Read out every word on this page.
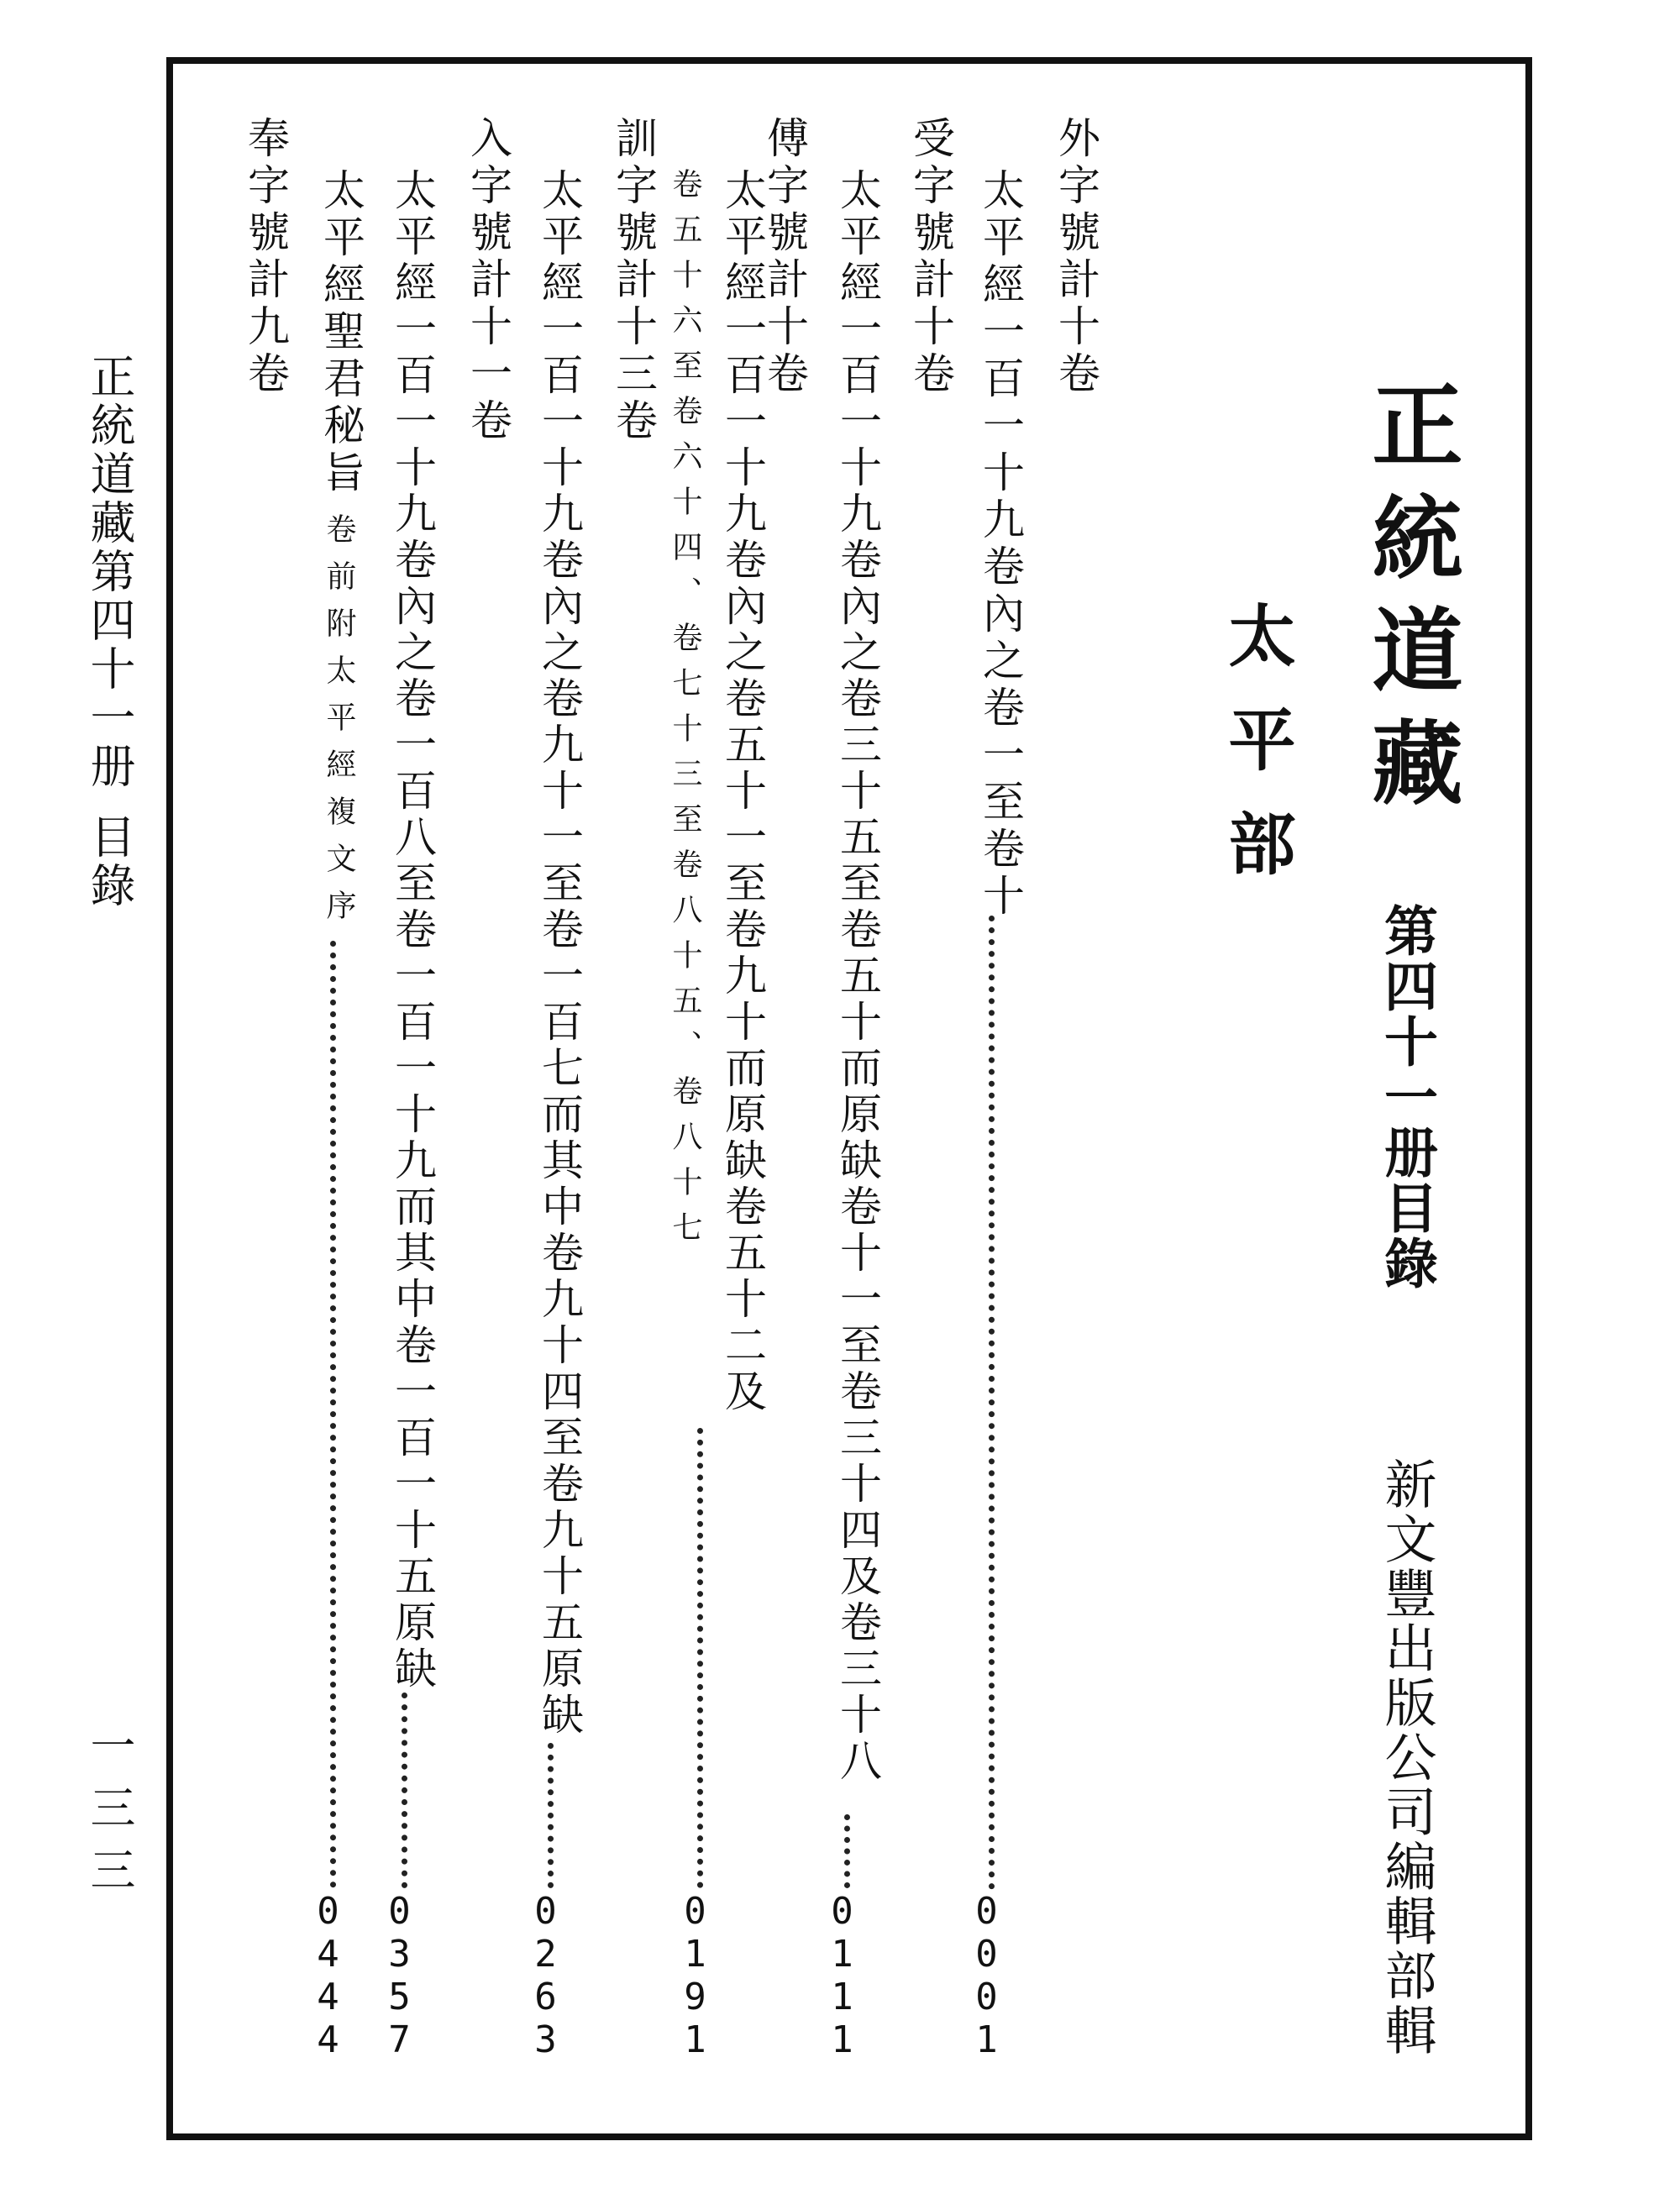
正統道藏第四十一册
目錄
一三三
正統道藏
第四十一册目錄
太平部
新文豐出版公司編輯部輯
外字號計十卷
太平經一百一十九卷內之卷一至卷十
0001
受字號計十卷
太平經一百一十九卷內之卷三十五至卷五十而原缺卷十一至卷三十四及卷三十八
0111
傅字號計十卷
太平經一百一十九卷內之卷五十一至卷九十而原缺卷五十二及
卷五十六至卷六十四、卷七十三至卷八十五、卷八十七
0191
訓字號計十三卷
太平經一百一十九卷內之卷九十一至卷一百七而其中卷九十四至卷九十五原缺
0263
入字號計十一卷
太平經一百一十九卷內之卷一百八至卷一百一十九而其中卷一百一十五原缺
0357
太平經聖君秘旨
一卷前附太平經複文序
0444
奉字號計九卷
